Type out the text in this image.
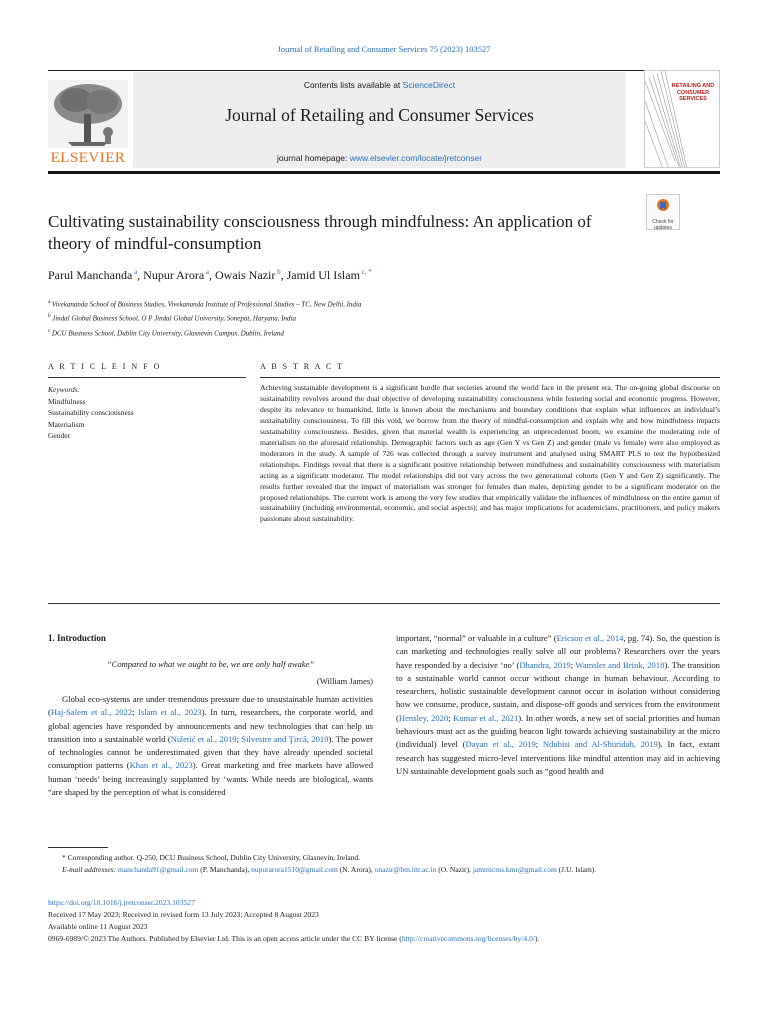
Journal of Retailing and Consumer Services 75 (2023) 103527
Contents lists available at ScienceDirect
Journal of Retailing and Consumer Services
journal homepage: www.elsevier.com/locate/jretconser
ELSEVIER
RETAILING AND CONSUMER SERVICES
Check for updates
Cultivating sustainability consciousness through mindfulness: An application of theory of mindful-consumption
Parul Manchanda $^a$, Nupur Arora $^a$, Owais Nazir $^b$, Jamid Ul Islam $^{c, *}$
$^a$ Vivekananda School of Business Studies, Vivekananda Institute of Professional Studies – TC, New Delhi, India
$^b$ Jindal Global Business School, O P Jindal Global University, Sonepat, Haryana, India
$^c$ DCU Business School, Dublin City University, Glasnevin Campus, Dublin, Ireland
A R T I C L E I N F O	A B S T R A C T
Keywords:
Mindfulness
Sustainability consciousness
Materialism
Gender
Achieving sustainable development is a significant hurdle that societies around the world face in the present era. The on-going global discourse on sustainability revolves around the dual objective of developing sustainability consciousness while fostering social and economic progress. However, despite its relevance to humankind, little is known about the mechanisms and boundary conditions that explain what influences an individual’s sustainability consciousness. To fill this void, we borrow from the theory of mindful-consumption and explain why and how mindfulness impacts sustainability consciousness. Besides, given that material wealth is experiencing an unprecedented boom, we examine the moderating role of materialism on the aforesaid relationship. Demographic factors such as age (Gen Y vs Gen Z) and gender (male vs female) were also employed as moderators in the study. A sample of 726 was collected through a survey instrument and analysed using SMART PLS to test the hypothesized relationships. Findings reveal that there is a significant positive relationship between mindfulness and sustainability consciousness with materialism acting as a significant moderator. The model relationships did not vary across the two generational cohorts (Gen Y and Gen Z) significantly. The results further revealed that the impact of materialism was stronger for females than males, depicting gender to be a significant moderator on the proposed relationships. The current work is among the very few studies that empirically validate the influences of mindfulness on the entire gamut of sustainability (including environmental, economic, and social aspects); and has major implications for academicians, practitioners, and policy makers passionate about sustainability.
1. Introduction
“Compared to what we ought to be, we are only half awake”
(William James)
Global eco-systems are under tremendous pressure due to unsustainable human activities (Haj-Salem et al., 2022; Islam et al., 2023). In turn, researchers, the corporate world, and global agencies have responded by announcements and new technologies that can help us transition into a sustainable world (Nižetić et al., 2019; Silvestre and Ţircă, 2019). The power of technologies cannot be underestimated given that they have already upended societal consumption patterns (Khan et al., 2023). Great marketing and free markets have allowed human ‘needs’ being increasingly supplanted by ‘wants. While needs are biological, wants “are shaped by the perception of what is considered
important, “normal” or valuable in a culture” (Ericson et al., 2014, pg. 74). So, the question is can marketing and technologies really solve all our problems? Researchers over the years have responded by a decisive ‘no’ (Dhandra, 2019; Wamsler and Brink, 2018). The transition to a sustainable world cannot occur without change in human behaviour. According to researchers, holistic sustainable development cannot occur in isolation without considering how we consume, produce, sustain, and dispose-off goods and services from the environment (Hensley, 2020; Kumar et al., 2021). In other words, a new set of social priorities and human behaviours must act as the guiding beacon light towards achieving sustainability at the micro (individual) level (Dayan et al., 2019; Ndubisi and Al-Shuridah, 2019). In fact, extant research has suggested micro-level interventions like mindful attention may aid in achieving UN sustainable development goals such as “good health and
* Corresponding author. Q-250, DCU Business School, Dublin City University, Glasnevin, Ireland.
E-mail addresses: manchanda91@gmail.com (P. Manchanda), nupurarora1510@gmail.com (N. Arora), onazir@bm.iitr.ac.in (O. Nazir), jammicms.kmr@gmail.com (J.U. Islam).
https://doi.org/10.1016/j.jretconser.2023.103527
Received 17 May 2023; Received in revised form 13 July 2023; Accepted 8 August 2023
Available online 11 August 2023
0969-6989/© 2023 The Authors. Published by Elsevier Ltd. This is an open access article under the CC BY license (http://creativecommons.org/licenses/by/4.0/).
